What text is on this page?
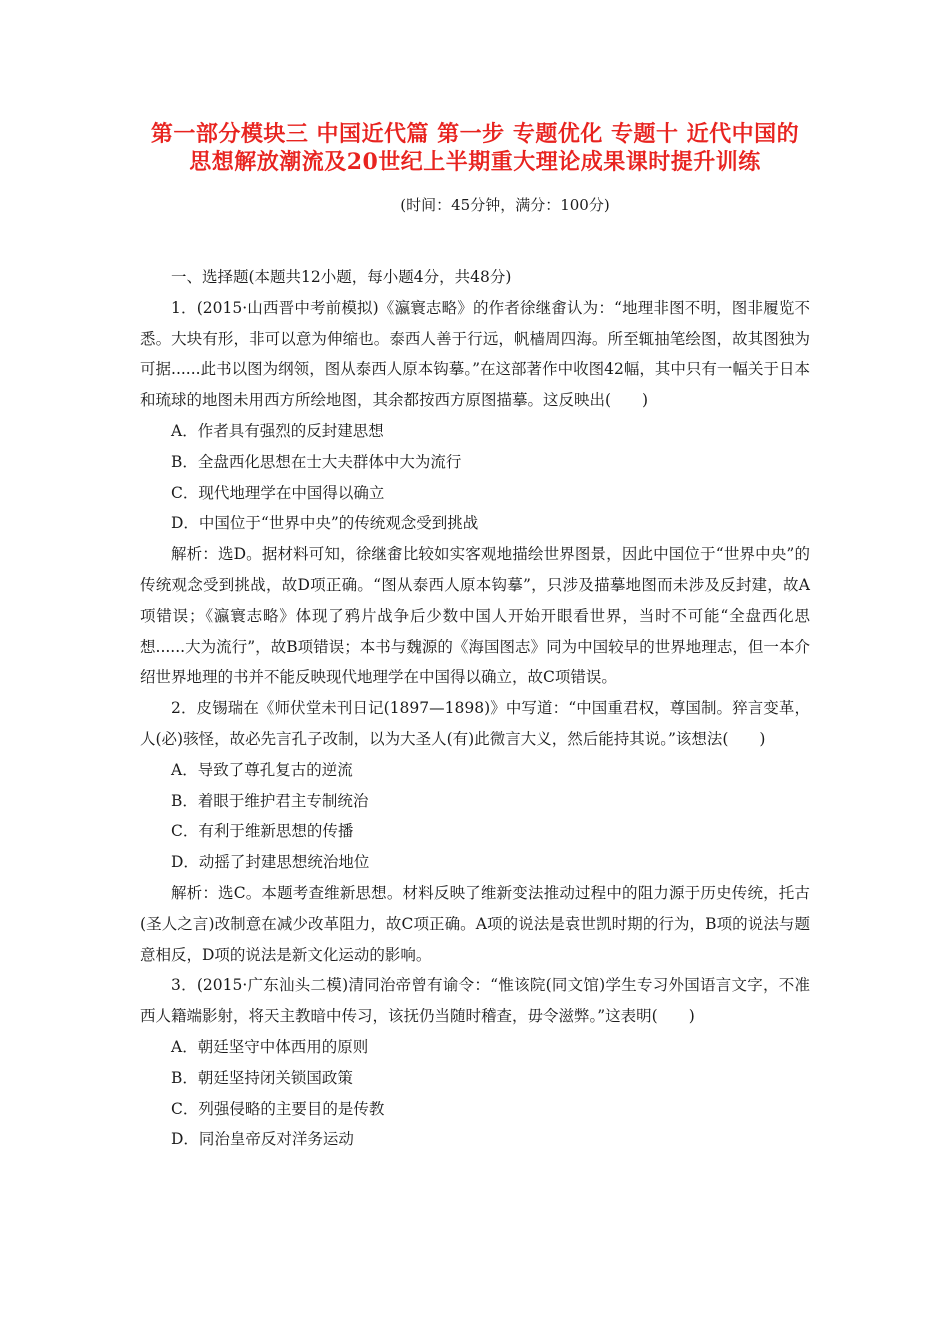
第一部分模块三 中国近代篇 第一步 专题优化 专题十 近代中国的
思想解放潮流及20世纪上半期重大理论成果课时提升训练
(时间：45分钟，满分：100分)

一、选择题(本题共12小题，每小题4分，共48分)

1．(2015·山西晋中考前模拟)《瀛寰志略》的作者徐继畬认为：“地理非图不明，图非履览不悉。大块有形，非可以意为伸缩也。泰西人善于行远，帆樯周四海。所至辄抽笔绘图，故其图独为可据......此书以图为纲领，图从泰西人原本钩摹。”在这部著作中收图42幅，其中只有一幅关于日本和琉球的地图未用西方所绘地图，其余都按西方原图描摹。这反映出(　　)

A．作者具有强烈的反封建思想

B．全盘西化思想在士大夫群体中大为流行

C．现代地理学在中国得以确立

D．中国位于“世界中央”的传统观念受到挑战

解析：选D。据材料可知，徐继畬比较如实客观地描绘世界图景，因此中国位于“世界中央”的传统观念受到挑战，故D项正确。“图从泰西人原本钩摹”，只涉及描摹地图而未涉及反封建，故A项错误；《瀛寰志略》体现了鸦片战争后少数中国人开始开眼看世界，当时不可能“全盘西化思想......大为流行”，故B项错误；本书与魏源的《海国图志》同为中国较早的世界地理志，但一本介绍世界地理的书并不能反映现代地理学在中国得以确立，故C项错误。

2．皮锡瑞在《师伏堂未刊日记(1897—1898)》中写道：“中国重君权，尊国制。猝言变革，人(必)骇怪，故必先言孔子改制，以为大圣人(有)此微言大义，然后能持其说。”该想法(　　)

A．导致了尊孔复古的逆流

B．着眼于维护君主专制统治

C．有利于维新思想的传播

D．动摇了封建思想统治地位

解析：选C。本题考查维新思想。材料反映了维新变法推动过程中的阻力源于历史传统，托古(圣人之言)改制意在减少改革阻力，故C项正确。A项的说法是袁世凯时期的行为，B项的说法与题意相反，D项的说法是新文化运动的影响。

3．(2015·广东汕头二模)清同治帝曾有谕令：“惟该院(同文馆)学生专习外国语言文字，不准西人籍端影射，将天主教暗中传习，该抚仍当随时稽查，毋令滋弊。”这表明(　　)

A．朝廷坚守中体西用的原则

B．朝廷坚持闭关锁国政策

C．列强侵略的主要目的是传教

D．同治皇帝反对洋务运动
